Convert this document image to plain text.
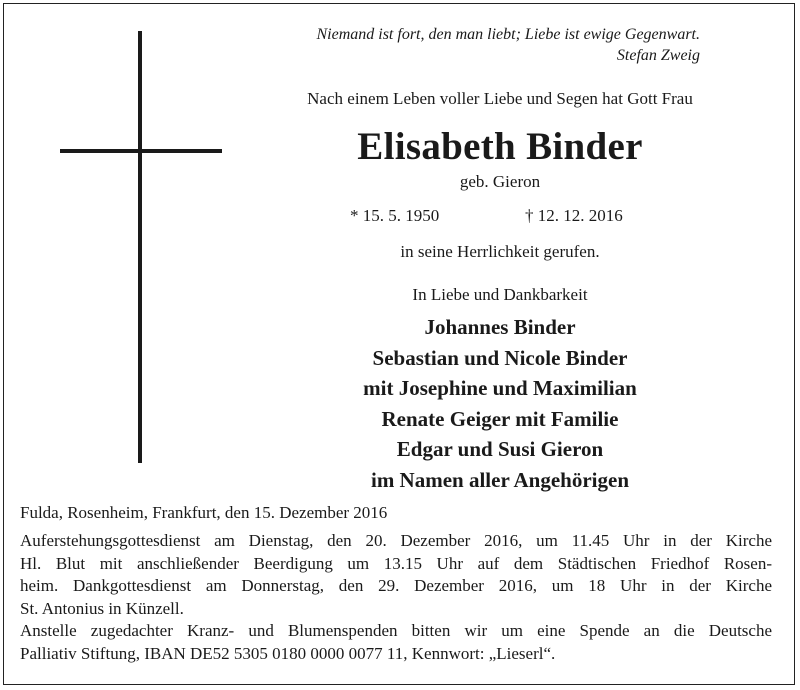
Niemand ist fort, den man liebt; Liebe ist ewige Gegenwart.
Stefan Zweig
Nach einem Leben voller Liebe und Segen hat Gott Frau
Elisabeth Binder
geb. Gieron
* 15. 5. 1950	† 12. 12. 2016
in seine Herrlichkeit gerufen.
In Liebe und Dankbarkeit
Johannes Binder
Sebastian und Nicole Binder
mit Josephine und Maximilian
Renate Geiger mit Familie
Edgar und Susi Gieron
im Namen aller Angehörigen
Fulda, Rosenheim, Frankfurt, den 15. Dezember 2016
Auferstehungsgottesdienst am Dienstag, den 20. Dezember 2016, um 11.45 Uhr in der Kirche
Hl. Blut mit anschließender Beerdigung um 13.15 Uhr auf dem Städtischen Friedhof Rosen-
heim. Dankgottesdienst am Donnerstag, den 29. Dezember 2016, um 18 Uhr in der Kirche
St. Antonius in Künzell.
Anstelle zugedachter Kranz- und Blumenspenden bitten wir um eine Spende an die Deutsche
Palliativ Stiftung, IBAN DE52 5305 0180 0000 0077 11, Kennwort: „Lieserl“.
